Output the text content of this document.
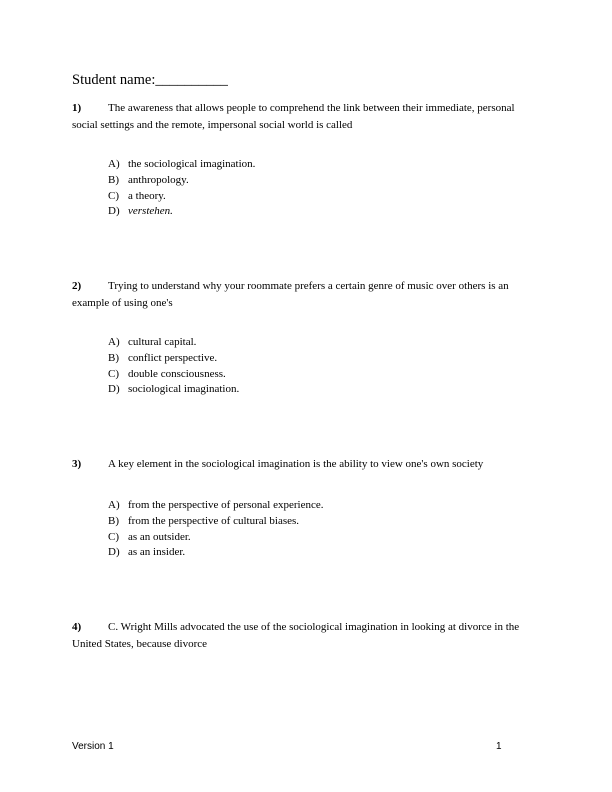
Student name:__________
1) The awareness that allows people to comprehend the link between their immediate, personal social settings and the remote, impersonal social world is called
A) the sociological imagination.
B) anthropology.
C) a theory.
D) verstehen.
2) Trying to understand why your roommate prefers a certain genre of music over others is an example of using one's
A) cultural capital.
B) conflict perspective.
C) double consciousness.
D) sociological imagination.
3) A key element in the sociological imagination is the ability to view one's own society
A) from the perspective of personal experience.
B) from the perspective of cultural biases.
C) as an outsider.
D) as an insider.
4) C. Wright Mills advocated the use of the sociological imagination in looking at divorce in the United States, because divorce
Version 1	1
